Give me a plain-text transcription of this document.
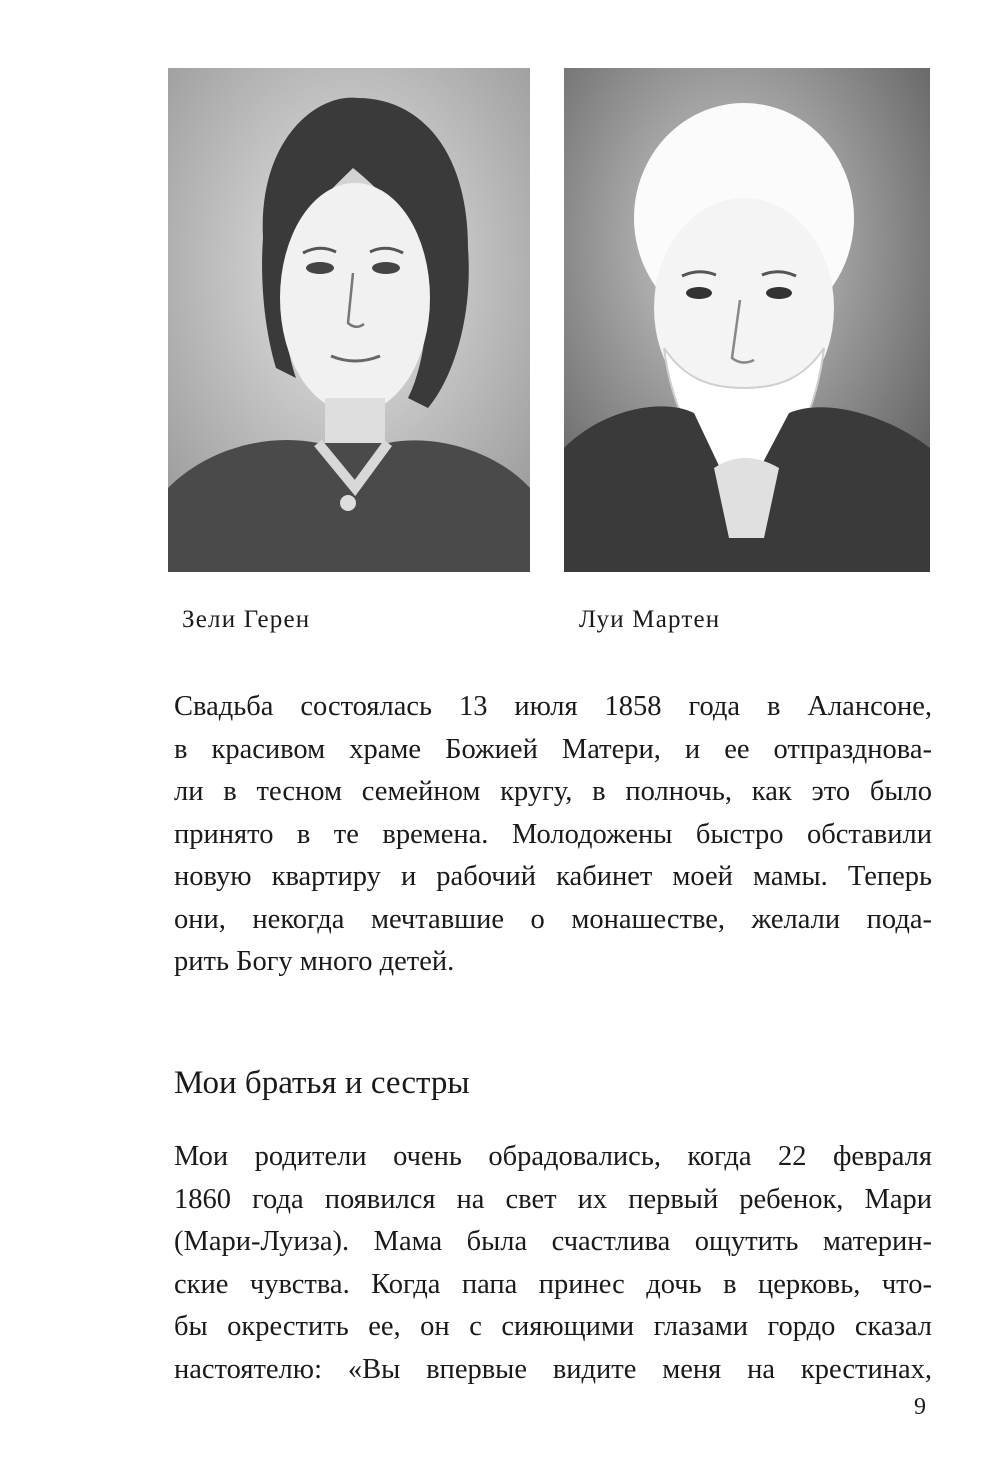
Зели Герен	Луи Мартен

Свадьба состоялась 13 июля 1858 года в Алансоне,
в красивом храме Божией Матери, и ее отпразднова-
ли в тесном семейном кругу, в полночь, как это было
принято в те времена. Молодожены быстро обставили
новую квартиру и рабочий кабинет моей мамы. Теперь
они, некогда мечтавшие о монашестве, желали пода-
рить Богу много детей.

Мои братья и сестры

Мои родители очень обрадовались, когда 22 февраля
1860 года появился на свет их первый ребенок, Мари
(Мари-Луиза). Мама была счастлива ощутить материн-
ские чувства. Когда папа принес дочь в церковь, что-
бы окрестить ее, он с сияющими глазами гордо сказал
настоятелю: «Вы впервые видите меня на крестинах,

9
